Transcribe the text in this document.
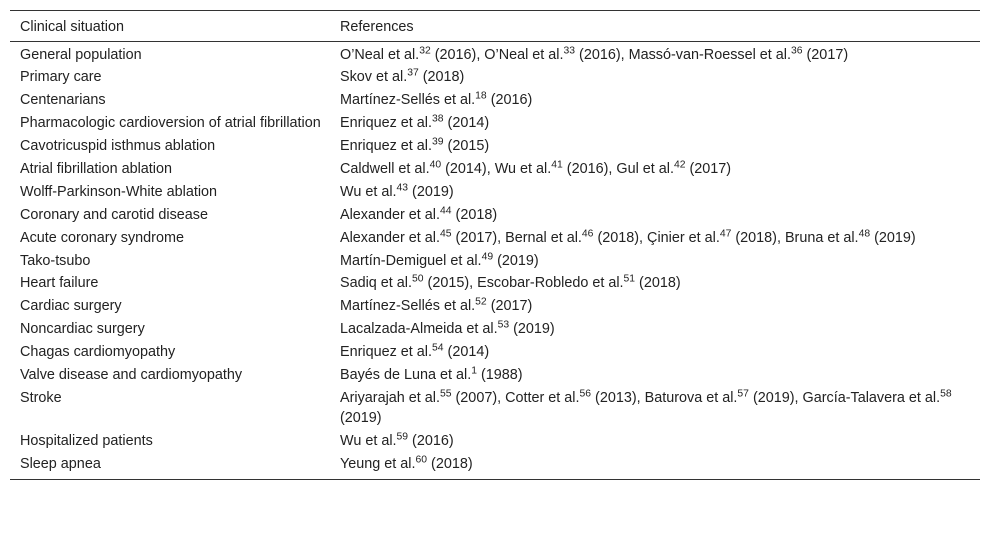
Clinical situation	References
General population	O’Neal et al.$^{32}$ (2016), O’Neal et al.$^{33}$ (2016), Massó-van-Roessel et al.$^{36}$ (2017)
Primary care	Skov et al.$^{37}$ (2018)
Centenarians	Martínez-Sellés et al.$^{18}$ (2016)
Pharmacologic cardioversion of atrial fibrillation	Enriquez et al.$^{38}$ (2014)
Cavotricuspid isthmus ablation	Enriquez et al.$^{39}$ (2015)
Atrial fibrillation ablation	Caldwell et al.$^{40}$ (2014), Wu et al.$^{41}$ (2016), Gul et al.$^{42}$ (2017)
Wolff-Parkinson-White ablation	Wu et al.$^{43}$ (2019)
Coronary and carotid disease	Alexander et al.$^{44}$ (2018)
Acute coronary syndrome	Alexander et al.$^{45}$ (2017), Bernal et al.$^{46}$ (2018), Çinier et al.$^{47}$ (2018), Bruna et al.$^{48}$ (2019)
Tako-tsubo	Martín-Demiguel et al.$^{49}$ (2019)
Heart failure	Sadiq et al.$^{50}$ (2015), Escobar-Robledo et al.$^{51}$ (2018)
Cardiac surgery	Martínez-Sellés et al.$^{52}$ (2017)
Noncardiac surgery	Lacalzada-Almeida et al.$^{53}$ (2019)
Chagas cardiomyopathy	Enriquez et al.$^{54}$ (2014)
Valve disease and cardiomyopathy	Bayés de Luna et al.$^1$ (1988)
Stroke	Ariyarajah et al.$^{55}$ (2007), Cotter et al.$^{56}$ (2013), Baturova et al.$^{57}$ (2019), García-Talavera et al.$^{58}$ (2019)
Hospitalized patients	Wu et al.$^{59}$ (2016)
Sleep apnea	Yeung et al.$^{60}$ (2018)
